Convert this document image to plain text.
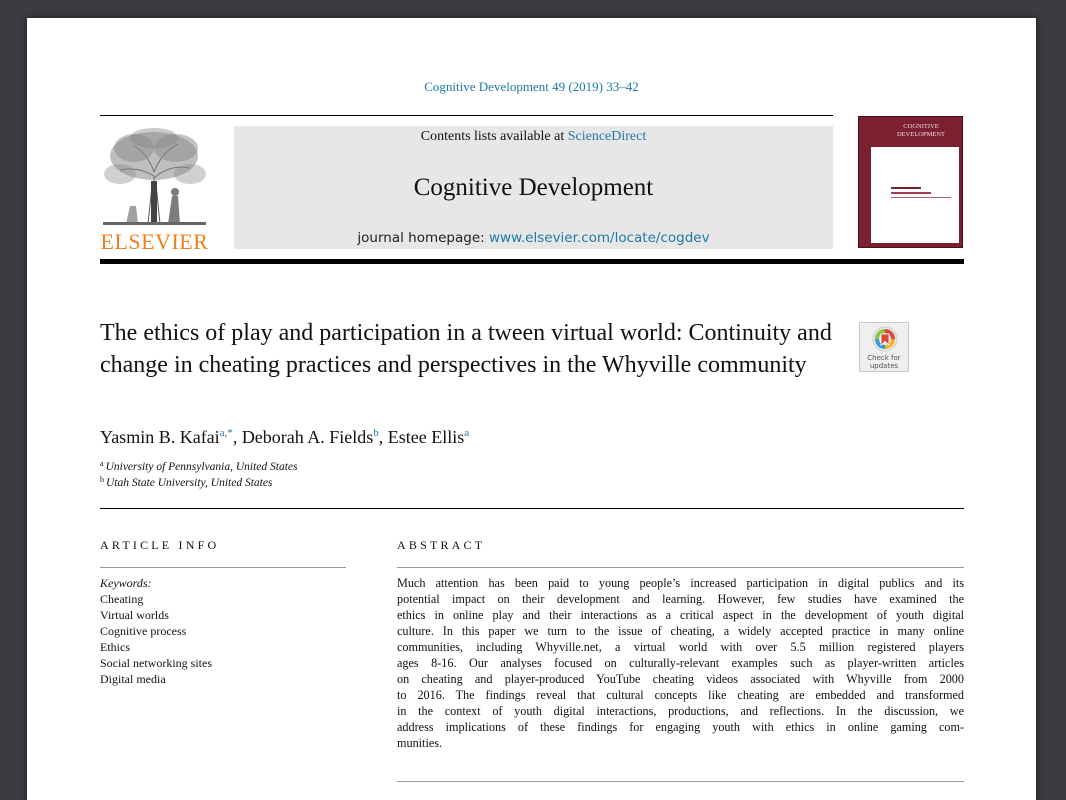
Cognitive Development 49 (2019) 33–42
ELSEVIER
Contents lists available at ScienceDirect
Cognitive Development
journal homepage: www.elsevier.com/locate/cogdev
COGNITIVE
DEVELOPMENT
The ethics of play and participation in a tween virtual world: Continuity and change in cheating practices and perspectives in the Whyville community	Check for
updates
Yasmin B. Kafai$^{a,*}$, Deborah A. Fields$^b$, Estee Ellis$^a$
$^a$ University of Pennsylvania, United States
$^b$ Utah State University, United States
ARTICLE INFO	ABSTRACT
Keywords:
Cheating
Virtual worlds
Cognitive process
Ethics
Social networking sites
Digital media
Much attention has been paid to young people’s increased participation in digital publics and its
potential impact on their development and learning. However, few studies have examined the
ethics in online play and their interactions as a critical aspect in the development of youth digital
culture. In this paper we turn to the issue of cheating, a widely accepted practice in many online
communities, including Whyville.net, a virtual world with over 5.5 million registered players
ages 8-16. Our analyses focused on culturally-relevant examples such as player-written articles
on cheating and player-produced YouTube cheating videos associated with Whyville from 2000
to 2016. The findings reveal that cultural concepts like cheating are embedded and transformed
in the context of youth digital interactions, productions, and reflections. In the discussion, we
address implications of these findings for engaging youth with ethics in online gaming com-
munities.
